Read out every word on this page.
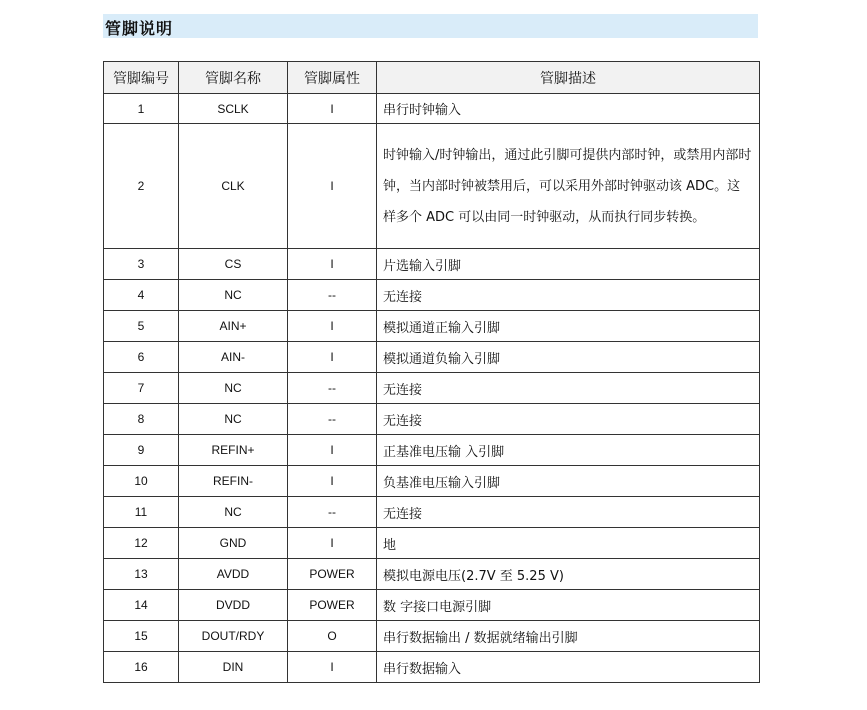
管脚说明
管脚编号	管脚名称	管脚属性	管脚描述
1	SCLK	I	串行时钟输入
2	CLK	I	时钟输入/时钟输出，通过此引脚可提供内部时钟，或禁用内部时钟，当内部时钟被禁用后，可以采用外部时钟驱动该 ADC。这样多个 ADC 可以由同一时钟驱动，从而执行同步转换。
3	CS	I	片选输入引脚
4	NC	--	无连接
5	AIN+	I	模拟通道正输入引脚
6	AIN-	I	模拟通道负输入引脚
7	NC	--	无连接
8	NC	--	无连接
9	REFIN+	I	正基准电压输 入引脚
10	REFIN-	I	负基准电压输入引脚
11	NC	--	无连接
12	GND	I	地
13	AVDD	POWER	模拟电源电压(2.7V 至 5.25 V)
14	DVDD	POWER	数 字接口电源引脚
15	DOUT/RDY	O	串行数据输出 / 数据就绪输出引脚
16	DIN	I	串行数据输入
